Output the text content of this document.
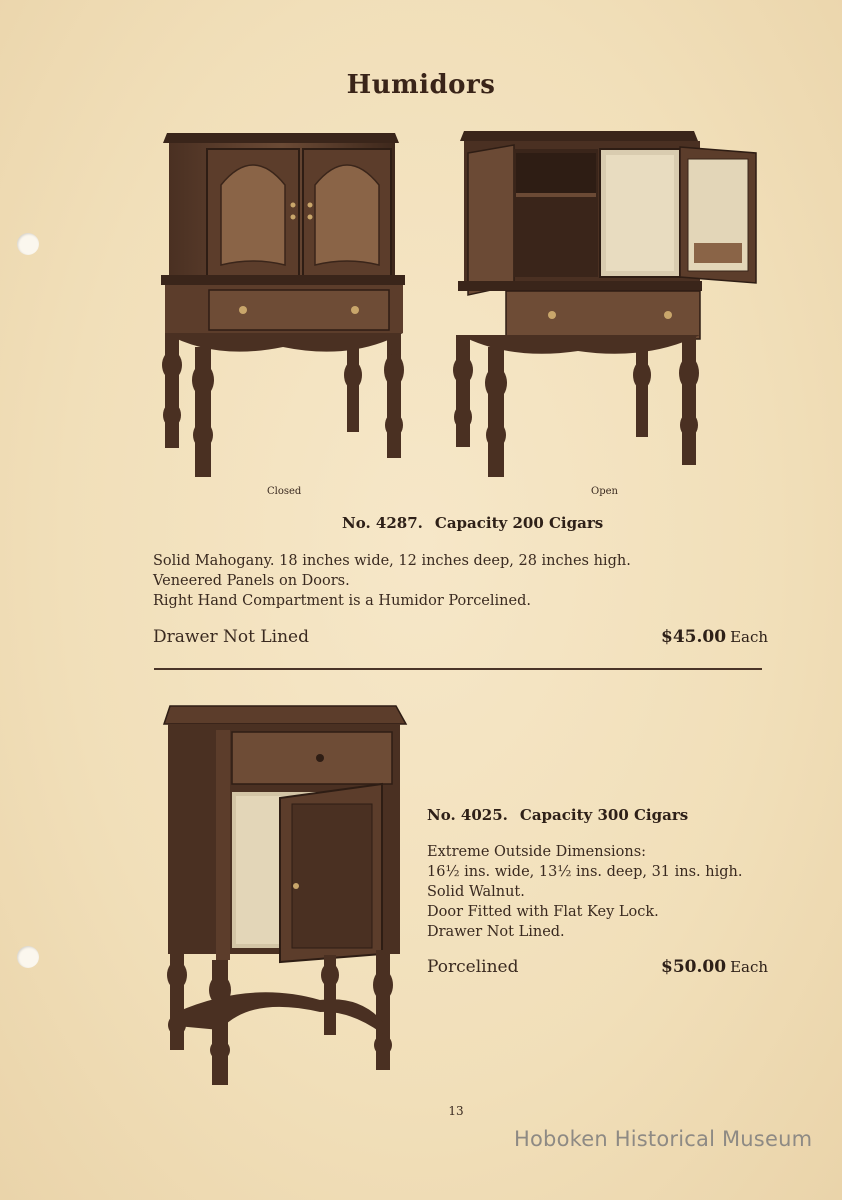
Humidors
Closed	Open
No. 4287. Capacity 200 Cigars
Solid Mahogany. 18 inches wide, 12 inches deep, 28 inches high.
Veneered Panels on Doors.
Right Hand Compartment is a Humidor Porcelined.
Drawer Not Lined	$45.00 Each
No. 4025. Capacity 300 Cigars
Extreme Outside Dimensions:
16½ ins. wide, 13½ ins. deep, 31 ins. high.
Solid Walnut.
Door Fitted with Flat Key Lock.
Drawer Not Lined.
Porcelined	$50.00 Each
13
Hoboken Historical Museum
